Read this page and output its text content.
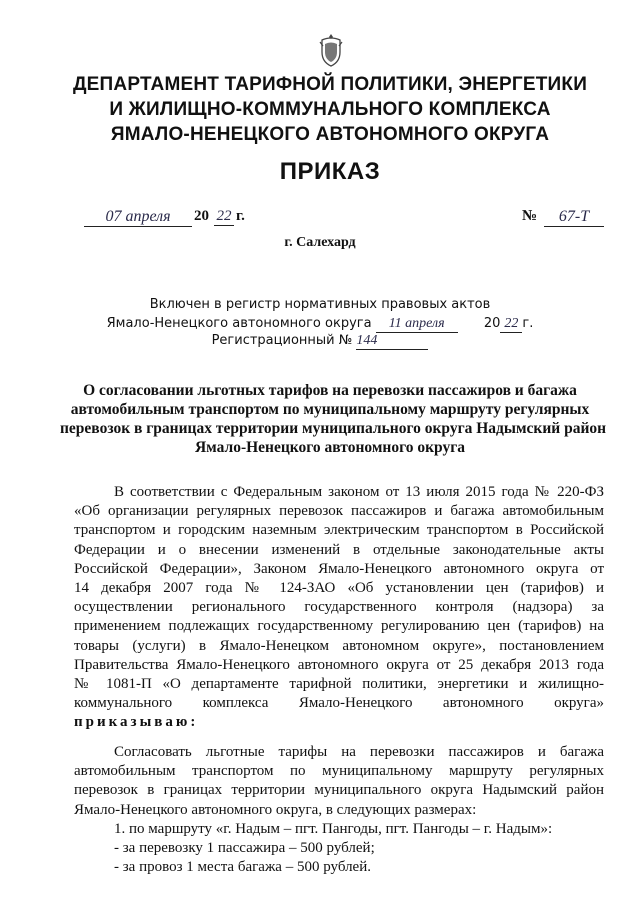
ДЕПАРТАМЕНТ ТАРИФНОЙ ПОЛИТИКИ, ЭНЕРГЕТИКИ
И ЖИЛИЩНО-КОММУНАЛЬНОГО КОМПЛЕКСА
ЯМАЛО-НЕНЕЦКОГО АВТОНОМНОГО ОКРУГА
ПРИКАЗ
07 апреля	20 22 г.	№	67-Т
г. Салехард
Включен в регистр нормативных правовых актов
Ямало-Ненецкого автономного округа 11 апреля	20 22 г.
Регистрационный № 144
О согласовании льготных тарифов на перевозки пассажиров и багажа
автомобильным транспортом по муниципальному маршруту регулярных
перевозок в границах территории муниципального округа Надымский район
Ямало-Ненецкого автономного округа
В соответствии с Федеральным законом от 13 июля 2015 года № 220-ФЗ
«Об организации регулярных перевозок пассажиров и багажа автомобильным
транспортом и городским наземным электрическим транспортом в Российской
Федерации и о внесении изменений в отдельные законодательные акты
Российской Федерации», Законом Ямало-Ненецкого автономного округа от
14 декабря 2007 года № 124-ЗАО «Об установлении цен (тарифов) и
осуществлении регионального государственного контроля (надзора) за
применением подлежащих государственному регулированию цен (тарифов) на
товары (услуги) в Ямало-Ненецком автономном округе», постановлением
Правительства Ямало-Ненецкого автономного округа от 25 декабря 2013 года
№ 1081-П «О департаменте тарифной политики, энергетики и жилищно-
коммунального комплекса Ямало-Ненецкого автономного округа»
приказываю:
Согласовать льготные тарифы на перевозки пассажиров и багажа
автомобильным транспортом по муниципальному маршруту регулярных
перевозок в границах территории муниципального округа Надымский район
Ямало-Ненецкого автономного округа, в следующих размерах:
1. по маршруту «г. Надым – пгт. Пангоды, пгт. Пангоды – г. Надым»:
- за перевозку 1 пассажира – 500 рублей;
- за провоз 1 места багажа – 500 рублей.
